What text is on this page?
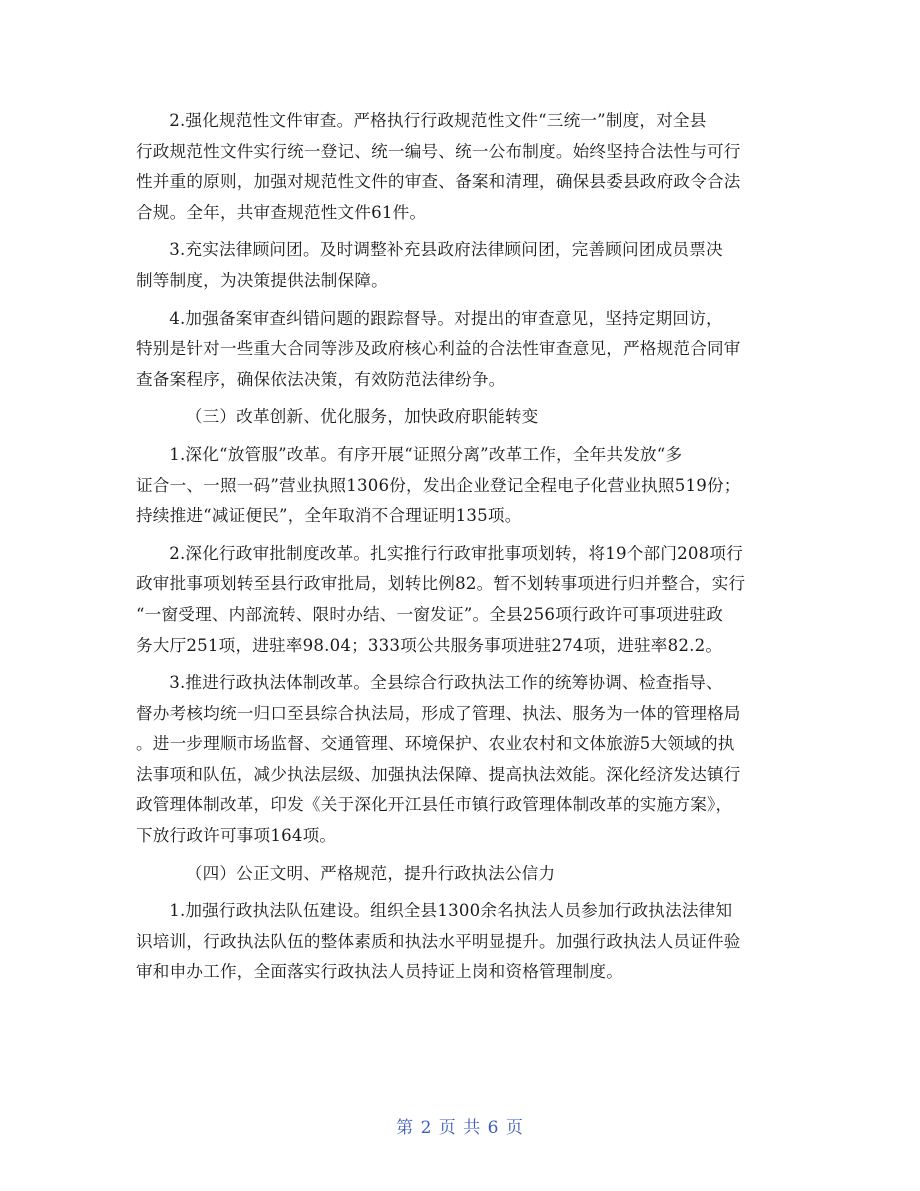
2.强化规范性文件审查。严格执行行政规范性文件“三统一”制度，对全县
行政规范性文件实行统一登记、统一编号、统一公布制度。始终坚持合法性与可行
性并重的原则，加强对规范性文件的审查、备案和清理，确保县委县政府政令合法
合规。全年，共审查规范性文件61件。

3.充实法律顾问团。及时调整补充县政府法律顾问团，完善顾问团成员票决
制等制度，为决策提供法制保障。

4.加强备案审查纠错问题的跟踪督导。对提出的审查意见，坚持定期回访，
特别是针对一些重大合同等涉及政府核心利益的合法性审查意见，严格规范合同审
查备案程序，确保依法决策，有效防范法律纷争。

（三）改革创新、优化服务，加快政府职能转变

1.深化“放管服”改革。有序开展“证照分离”改革工作，全年共发放“多
证合一、一照一码”营业执照1306份，发出企业登记全程电子化营业执照519份；
持续推进“减证便民”，全年取消不合理证明135项。

2.深化行政审批制度改革。扎实推行行政审批事项划转，将19个部门208项行
政审批事项划转至县行政审批局，划转比例82。暂不划转事项进行归并整合，实行
“一窗受理、内部流转、限时办结、一窗发证”。全县256项行政许可事项进驻政
务大厅251项，进驻率98.04；333项公共服务事项进驻274项，进驻率82.2。

3.推进行政执法体制改革。全县综合行政执法工作的统筹协调、检查指导、
督办考核均统一归口至县综合执法局，形成了管理、执法、服务为一体的管理格局
。进一步理顺市场监督、交通管理、环境保护、农业农村和文体旅游5大领域的执
法事项和队伍，减少执法层级、加强执法保障、提高执法效能。深化经济发达镇行
政管理体制改革，印发《关于深化开江县任市镇行政管理体制改革的实施方案》，
下放行政许可事项164项。

（四）公正文明、严格规范，提升行政执法公信力

1.加强行政执法队伍建设。组织全县1300余名执法人员参加行政执法法律知
识培训，行政执法队伍的整体素质和执法水平明显提升。加强行政执法人员证件验
审和申办工作，全面落实行政执法人员持证上岗和资格管理制度。

第 2 页 共 6 页
